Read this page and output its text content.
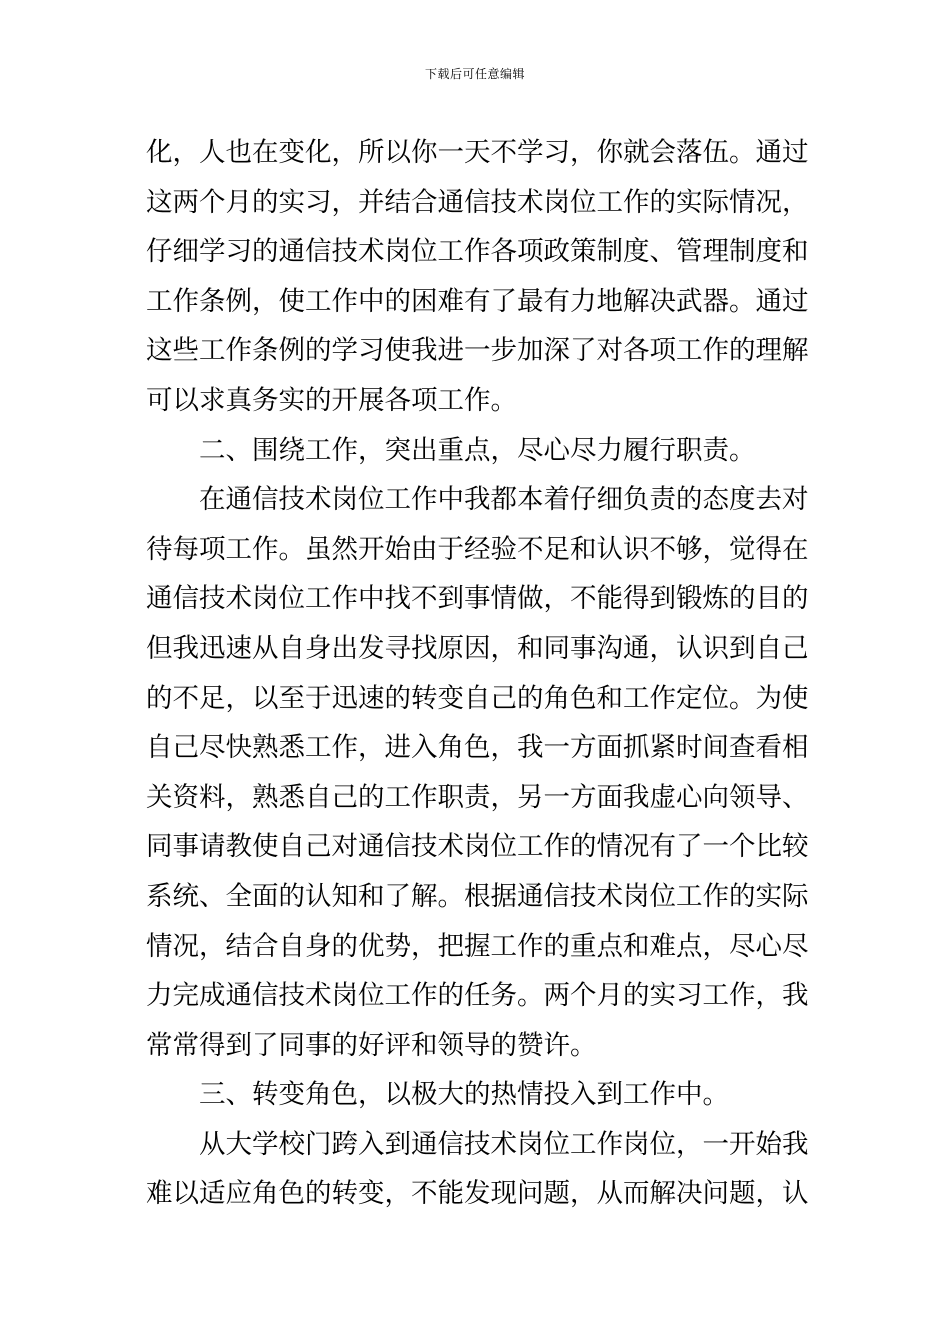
下载后可任意编辑
化，人也在变化，所以你一天不学习，你就会落伍。通过
这两个月的实习，并结合通信技术岗位工作的实际情况，
仔细学习的通信技术岗位工作各项政策制度、管理制度和
工作条例，使工作中的困难有了最有力地解决武器。通过
这些工作条例的学习使我进一步加深了对各项工作的理解
可以求真务实的开展各项工作。
二、围绕工作，突出重点，尽心尽力履行职责。
在通信技术岗位工作中我都本着仔细负责的态度去对
待每项工作。虽然开始由于经验不足和认识不够，觉得在
通信技术岗位工作中找不到事情做，不能得到锻炼的目的
但我迅速从自身出发寻找原因，和同事沟通，认识到自己
的不足，以至于迅速的转变自己的角色和工作定位。为使
自己尽快熟悉工作，进入角色，我一方面抓紧时间查看相
关资料，熟悉自己的工作职责，另一方面我虚心向领导、
同事请教使自己对通信技术岗位工作的情况有了一个比较
系统、全面的认知和了解。根据通信技术岗位工作的实际
情况，结合自身的优势，把握工作的重点和难点，尽心尽
力完成通信技术岗位工作的任务。两个月的实习工作，我
常常得到了同事的好评和领导的赞许。
三、转变角色，以极大的热情投入到工作中。
从大学校门跨入到通信技术岗位工作岗位，一开始我
难以适应角色的转变，不能发现问题，从而解决问题，认
